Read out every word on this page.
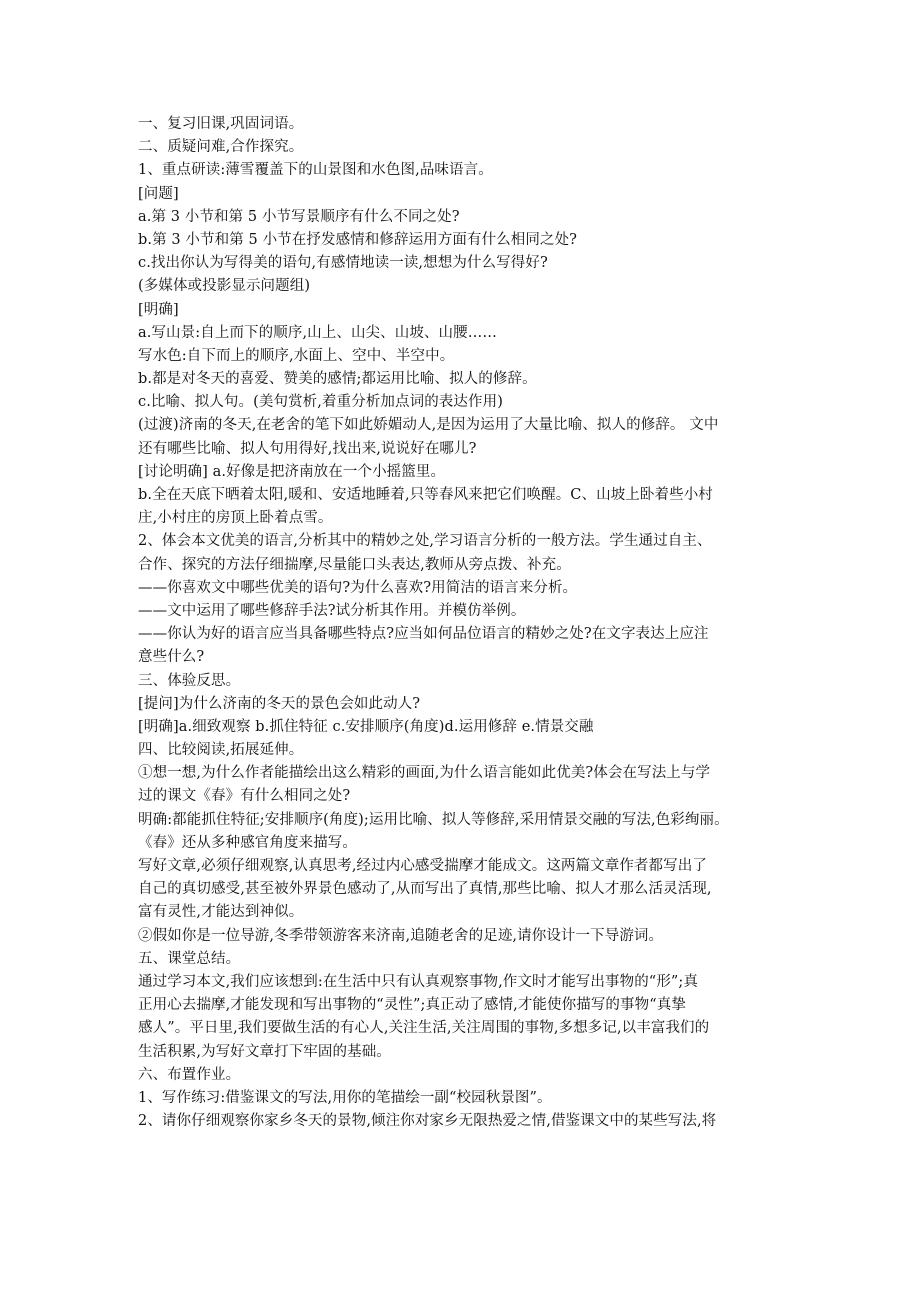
一、复习旧课,巩固词语。
二、质疑问难,合作探究。
1、重点研读:薄雪覆盖下的山景图和水色图,品味语言。
[问题]
a.第 3 小节和第 5 小节写景顺序有什么不同之处?
b.第 3 小节和第 5 小节在抒发感情和修辞运用方面有什么相同之处?
c.找出你认为写得美的语句,有感情地读一读,想想为什么写得好?
(多媒体或投影显示问题组)
[明确]
a.写山景:自上而下的顺序,山上、山尖、山坡、山腰……
写水色:自下而上的顺序,水面上、空中、半空中。
b.都是对冬天的喜爱、赞美的感情;都运用比喻、拟人的修辞。
c.比喻、拟人句。(美句赏析,着重分析加点词的表达作用)
(过渡)济南的冬天,在老舍的笔下如此娇媚动人,是因为运用了大量比喻、拟人的修辞。 文中
还有哪些比喻、拟人句用得好,找出来,说说好在哪儿?
[讨论明确] a.好像是把济南放在一个小摇篮里。
b.全在天底下晒着太阳,暖和、安适地睡着,只等春风来把它们唤醒。C、山坡上卧着些小村
庄,小村庄的房顶上卧着点雪。
2、体会本文优美的语言,分析其中的精妙之处,学习语言分析的一般方法。学生通过自主、
合作、探究的方法仔细揣摩,尽量能口头表达,教师从旁点拨、补充。
——你喜欢文中哪些优美的语句?为什么喜欢?用简洁的语言来分析。
——文中运用了哪些修辞手法?试分析其作用。并模仿举例。
——你认为好的语言应当具备哪些特点?应当如何品位语言的精妙之处?在文字表达上应注
意些什么?
三、体验反思。
[提问]为什么济南的冬天的景色会如此动人?
[明确]a.细致观察 b.抓住特征 c.安排顺序(角度)d.运用修辞 e.情景交融
四、比较阅读,拓展延伸。
①想一想,为什么作者能描绘出这么精彩的画面,为什么语言能如此优美?体会在写法上与学
过的课文《春》有什么相同之处?
明确:都能抓住特征;安排顺序(角度);运用比喻、拟人等修辞,采用情景交融的写法,色彩绚丽。
《春》还从多种感官角度来描写。
写好文章,必须仔细观察,认真思考,经过内心感受揣摩才能成文。这两篇文章作者都写出了
自己的真切感受,甚至被外界景色感动了,从而写出了真情,那些比喻、拟人才那么活灵活现,
富有灵性,才能达到神似。
②假如你是一位导游,冬季带领游客来济南,追随老舍的足迹,请你设计一下导游词。
五、课堂总结。
通过学习本文,我们应该想到:在生活中只有认真观察事物,作文时才能写出事物的“形”;真
正用心去揣摩,才能发现和写出事物的“灵性”;真正动了感情,才能使你描写的事物“真挚
感人”。平日里,我们要做生活的有心人,关注生活,关注周围的事物,多想多记,以丰富我们的
生活积累,为写好文章打下牢固的基础。
六、布置作业。
1、写作练习:借鉴课文的写法,用你的笔描绘一副“校园秋景图”。
2、请你仔细观察你家乡冬天的景物,倾注你对家乡无限热爱之情,借鉴课文中的某些写法,将
